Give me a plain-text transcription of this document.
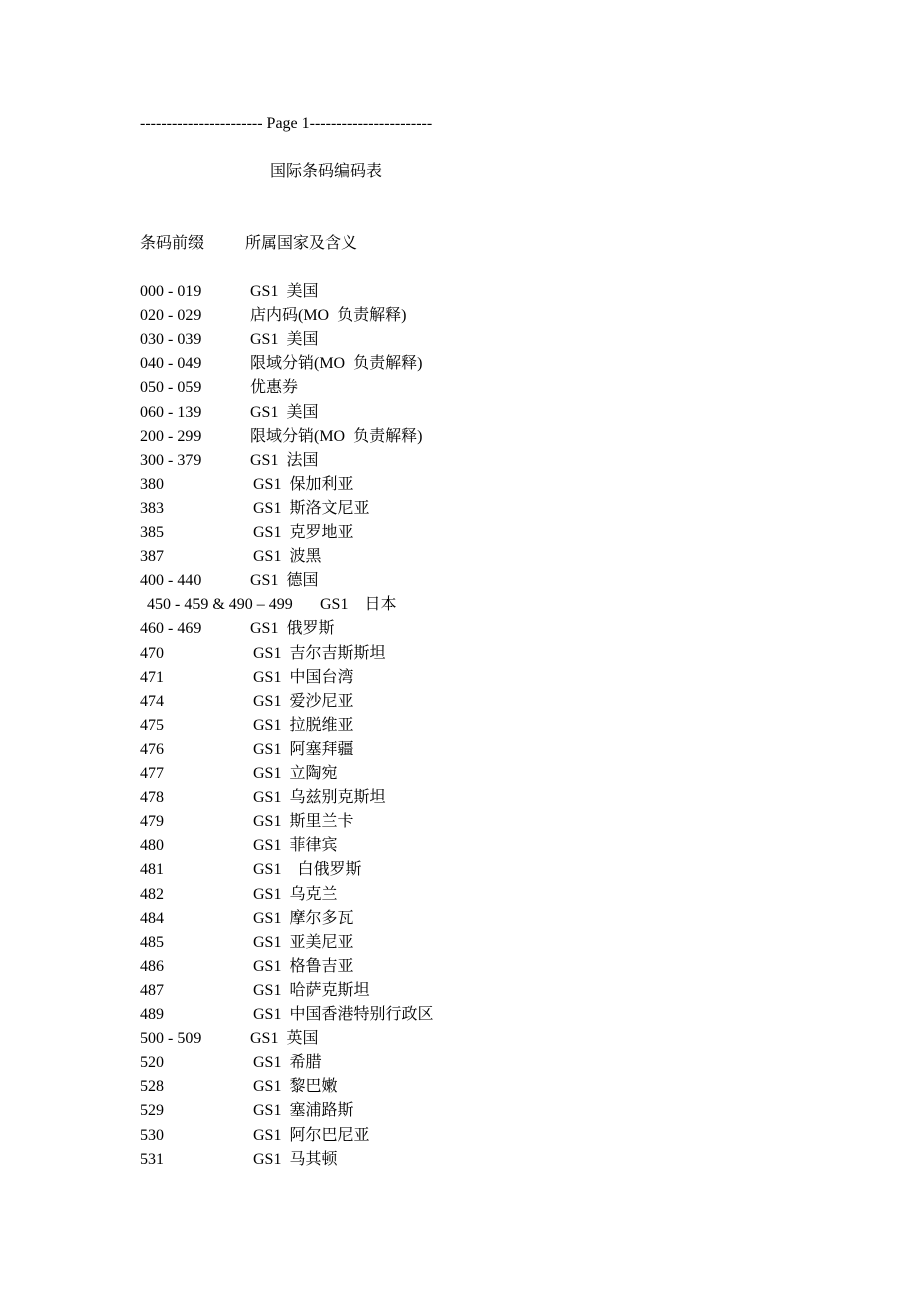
----------------------- Page 1-----------------------
国际条码编码表
条码前缀	所属国家及含义
000 - 019	GS1  美国
020 - 029	店内码(MO  负责解释)
030 - 039	GS1  美国
040 - 049	限域分销(MO  负责解释)
050 - 059	优惠券
060 - 139	GS1  美国
200 - 299	限域分销(MO  负责解释)
300 - 379	GS1  法国
380	GS1  保加利亚
383	GS1  斯洛文尼亚
385	GS1  克罗地亚
387	GS1  波黑
400 - 440	GS1  德国
450 - 459 & 490 – 499 GS1    日本
460 - 469	GS1  俄罗斯
470	GS1  吉尔吉斯斯坦
471	GS1  中国台湾
474	GS1  爱沙尼亚
475	GS1  拉脱维亚
476	GS1  阿塞拜疆
477	GS1  立陶宛
478	GS1  乌兹别克斯坦
479	GS1  斯里兰卡
480	GS1  菲律宾
481	GS1    白俄罗斯
482	GS1  乌克兰
484	GS1  摩尔多瓦
485	GS1  亚美尼亚
486	GS1  格鲁吉亚
487	GS1  哈萨克斯坦
489	GS1  中国香港特别行政区
500 - 509	GS1  英国
520	GS1  希腊
528	GS1  黎巴嫩
529	GS1  塞浦路斯
530	GS1  阿尔巴尼亚
531	GS1  马其顿
